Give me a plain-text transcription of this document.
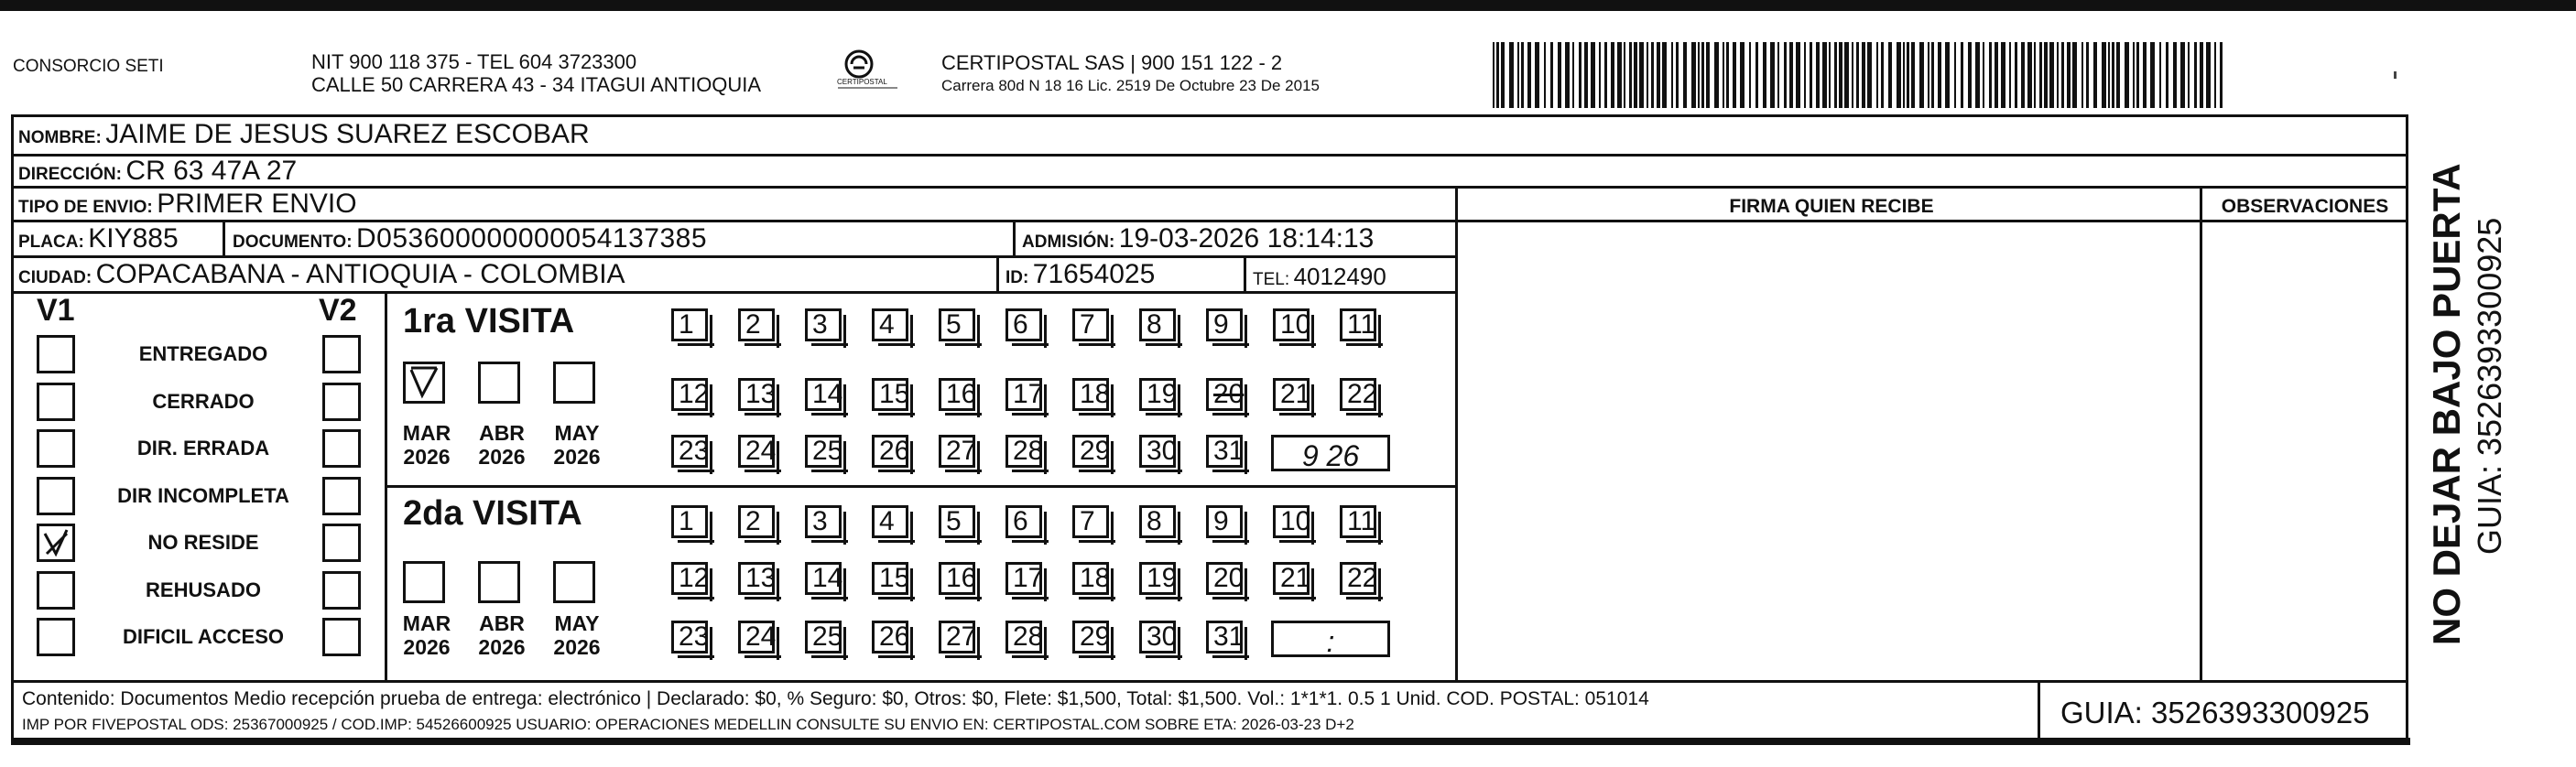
CONSORCIO SETI	NIT 900 118 375 - TEL 604 3723300
CALLE 50 CARRERA 43 - 34 ITAGUI ANTIOQUIA	CERTIPOSTAL
CERTIPOSTAL SAS | 900 151 122 - 2
Carrera 80d N 18 16 Lic. 2519 De Octubre 23 De 2015
NOMBRE: JAIME DE JESUS SUAREZ ESCOBAR
DIRECCIÓN: CR 63 47A 27
TIPO DE ENVIO: PRIMER ENVIO	FIRMA QUIEN RECIBE	OBSERVACIONES
PLACA: KIY885	DOCUMENTO: D053600000000054137385	ADMISIÓN: 19-03-2026 18:14:13
CIUDAD: COPACABANA - ANTIOQUIA - COLOMBIA	ID: 71654025	TEL: 4012490
V1	V2
ENTREGADO
CERRADO
DIR. ERRADA
DIR INCOMPLETA
NO RESIDE
REHUSADO
DIFICIL ACCESO
1ra VISITA
2da VISITA
MAR
2026
ABR
2026
MAY
2026
MAR
2026
ABR
2026
MAY
2026
1	2	3	4	5	6	7	8	9	10 11
12 13 14 15 16 17 18 19 20 21 22
23 24 25 26 27 28 29 30 31	9 26
1	2	3	4	5	6	7	8	9	10 11
12 13 14 15 16 17 18 19 20 21 22
23 24 25 26 27 28 29 30 31	:
Contenido: Documentos Medio recepción prueba de entrega: electrónico | Declarado: $0, % Seguro: $0, Otros: $0, Flete: $1,500, Total: $1,500. Vol.: 1*1*1. 0.5 1 Unid. COD. POSTAL: 051014
IMP POR FIVEPOSTAL ODS: 25367000925 / COD.IMP: 54526600925 USUARIO: OPERACIONES MEDELLIN CONSULTE SU ENVIO EN: CERTIPOSTAL.COM SOBRE ETA: 2026-03-23 D+2	GUIA: 3526393300925
NO DEJAR BAJO PUERTA GUIA: 3526393300925
